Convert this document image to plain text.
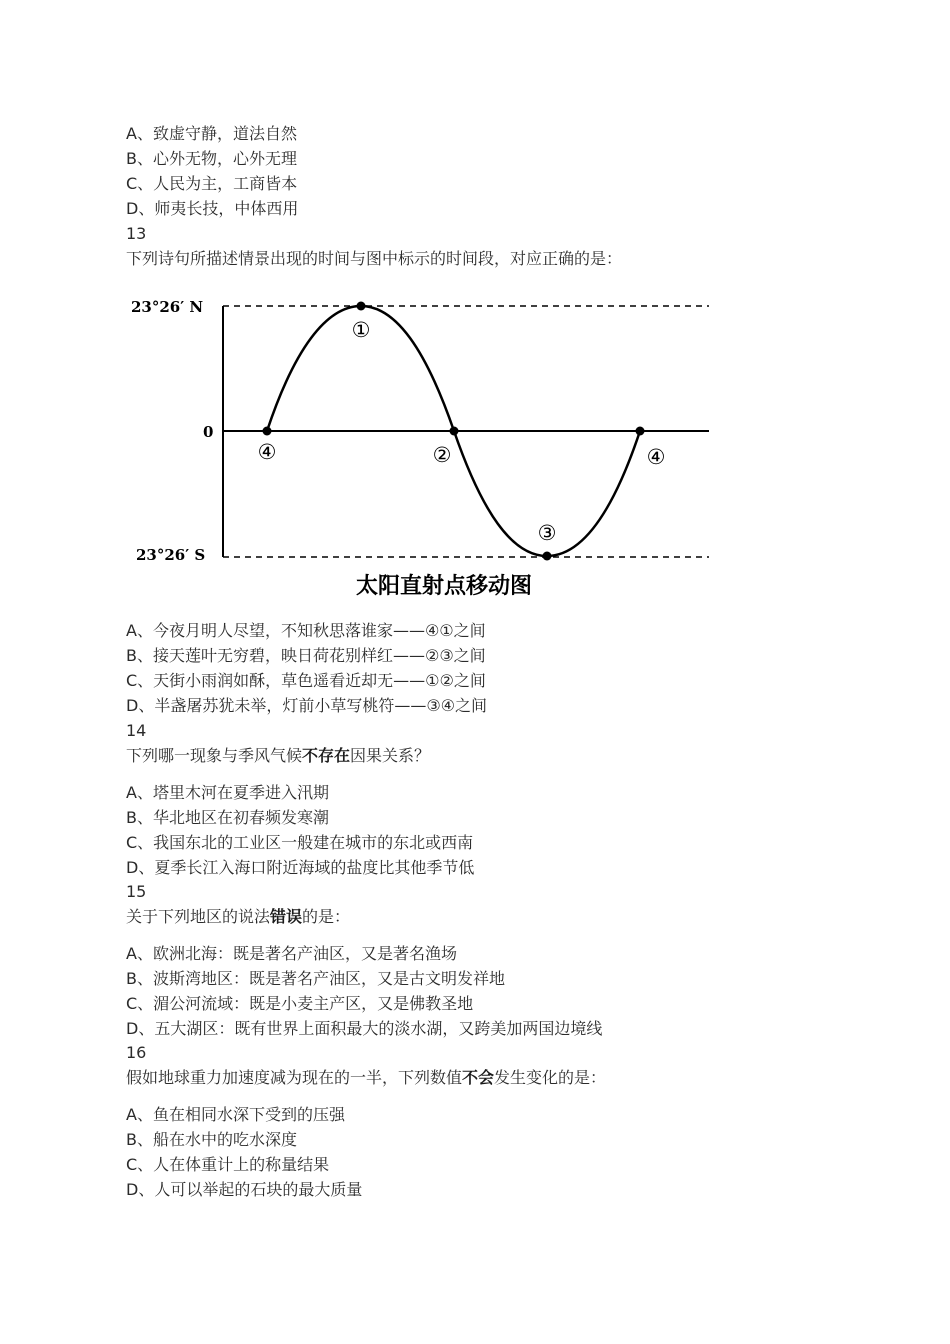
A、致虚守静，道法自然
B、心外无物，心外无理
C、人民为主，工商皆本
D、师夷长技，中体西用
13
下列诗句所描述情景出现的时间与图中标示的时间段，对应正确的是：
23°26′ N
0
23°26′ S
①
②
③
④	④
太阳直射点移动图
A、今夜月明人尽望，不知秋思落谁家——④①之间
B、接天莲叶无穷碧，映日荷花别样红——②③之间
C、天街小雨润如酥，草色遥看近却无——①②之间
D、半盏屠苏犹未举，灯前小草写桃符——③④之间
14
下列哪一现象与季风气候不存在因果关系？
A、塔里木河在夏季进入汛期
B、华北地区在初春频发寒潮
C、我国东北的工业区一般建在城市的东北或西南
D、夏季长江入海口附近海域的盐度比其他季节低
15
关于下列地区的说法错误的是：
A、欧洲北海：既是著名产油区，又是著名渔场
B、波斯湾地区：既是著名产油区，又是古文明发祥地
C、湄公河流域：既是小麦主产区，又是佛教圣地
D、五大湖区：既有世界上面积最大的淡水湖，又跨美加两国边境线
16
假如地球重力加速度减为现在的一半，下列数值不会发生变化的是：
A、鱼在相同水深下受到的压强
B、船在水中的吃水深度
C、人在体重计上的称量结果
D、人可以举起的石块的最大质量
